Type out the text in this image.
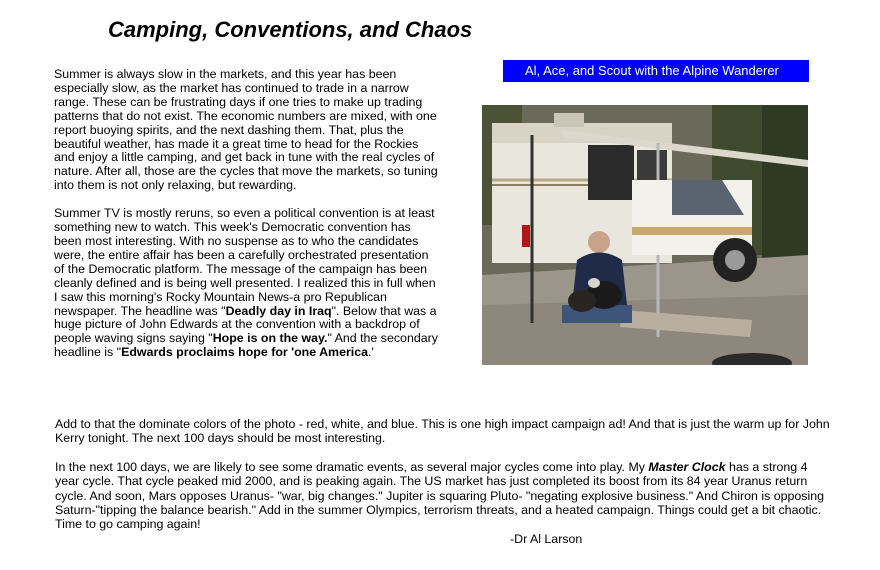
Camping, Conventions, and Chaos
Al, Ace, and Scout with the Alpine Wanderer

Summer is always slow in the markets, and this year has been especially slow, as the market has continued to trade in a narrow range. These can be frustrating days if one tries to make up trading patterns that do not exist. The economic numbers are mixed, with one report buoying spirits, and the next dashing them. That, plus the beautiful weather, has made it a great time to head for the Rockies and enjoy a little camping, and get back in tune with the real cycles of nature. After all, those are the cycles that move the markets, so tuning into them is not only relaxing, but rewarding.

Summer TV is mostly reruns, so even a political convention is at least something new to watch. This week's Democratic convention has been most interesting. With no suspense as to who the candidates were, the entire affair has been a carefully orchestrated presentation of the Democratic platform. The message of the campaign has been cleanly defined and is being well presented. I realized this in full when I saw this morning's Rocky Mountain News-a pro Republican newspaper. The headline was "Deadly day in Iraq". Below that was a huge picture of John Edwards at the convention with a backdrop of people waving signs saying "Hope is on the way." And the secondary headline is "Edwards proclaims hope for 'one America.'

Add to that the dominate colors of the photo - red, white, and blue. This is one high impact campaign ad! And that is just the warm up for John Kerry tonight. The next 100 days should be most interesting.

In the next 100 days, we are likely to see some dramatic events, as several major cycles come into play. My Master Clock has a strong 4 year cycle. That cycle peaked mid 2000, and is peaking again. The US market has just completed its boost from its 84 year Uranus return cycle. And soon, Mars opposes Uranus- "war, big changes." Jupiter is squaring Pluto- "negating explosive business." And Chiron is opposing Saturn-"tipping the balance bearish." Add in the summer Olympics, terrorism threats, and a heated campaign. Things could get a bit chaotic. Time to go camping again!
-Dr Al Larson
